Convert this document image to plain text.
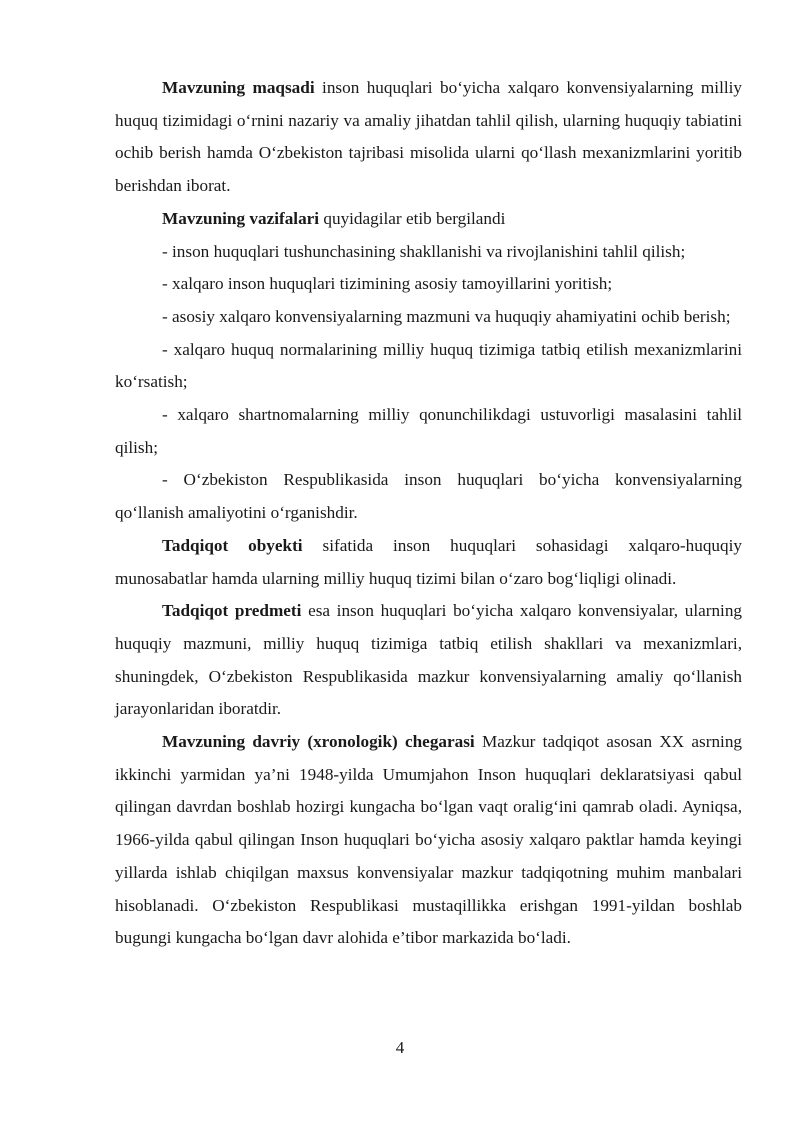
Mavzuning maqsadi inson huquqlari bo‘yicha xalqaro konvensiyalarning milliy huquq tizimidagi o‘rnini nazariy va amaliy jihatdan tahlil qilish, ularning huquqiy tabiatini ochib berish hamda O‘zbekiston tajribasi misolida ularni qo‘llash mexanizmlarini yoritib berishdan iborat.

Mavzuning vazifalari quyidagilar etib bergilandi

- inson huquqlari tushunchasining shakllanishi va rivojlanishini tahlil qilish;

- xalqaro inson huquqlari tizimining asosiy tamoyillarini yoritish;

- asosiy xalqaro konvensiyalarning mazmuni va huquqiy ahamiyatini ochib berish;

- xalqaro huquq normalarining milliy huquq tizimiga tatbiq etilish mexanizmlarini ko‘rsatish;

- xalqaro shartnomalarning milliy qonunchilikdagi ustuvorligi masalasini tahlil qilish;

- O‘zbekiston Respublikasida inson huquqlari bo‘yicha konvensiyalarning qo‘llanish amaliyotini o‘rganishdir.

Tadqiqot obyekti sifatida inson huquqlari sohasidagi xalqaro-huquqiy munosabatlar hamda ularning milliy huquq tizimi bilan o‘zaro bog‘liqligi olinadi.

Tadqiqot predmeti esa inson huquqlari bo‘yicha xalqaro konvensiyalar, ularning huquqiy mazmuni, milliy huquq tizimiga tatbiq etilish shakllari va mexanizmlari, shuningdek, O‘zbekiston Respublikasida mazkur konvensiyalarning amaliy qo‘llanish jarayonlaridan iboratdir.

Mavzuning davriy (xronologik) chegarasi Mazkur tadqiqot asosan XX asrning ikkinchi yarmidan ya’ni 1948-yilda Umumjahon Inson huquqlari deklaratsiyasi qabul qilingan davrdan boshlab hozirgi kungacha bo‘lgan vaqt oralig‘ini qamrab oladi. Ayniqsa, 1966-yilda qabul qilingan Inson huquqlari bo‘yicha asosiy xalqaro paktlar hamda keyingi yillarda ishlab chiqilgan maxsus konvensiyalar mazkur tadqiqotning muhim manbalari hisoblanadi. O‘zbekiston Respublikasi mustaqillikka erishgan 1991-yildan boshlab bugungi kungacha bo‘lgan davr alohida e’tibor markazida bo‘ladi.

4
